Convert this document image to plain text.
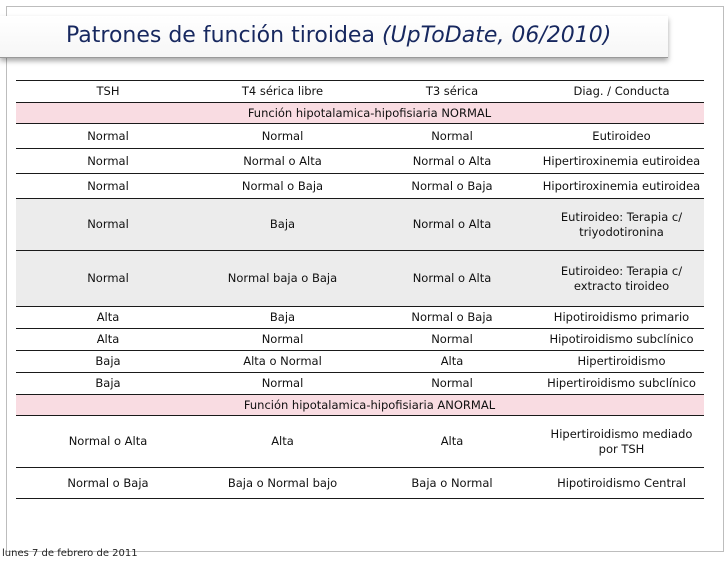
Patrones de función tiroidea (UpToDate, 06/2010)
TSH	T4 sérica libre	T3 sérica	Diag. / Conducta
	Función hipotalamica-hipofisiaria NORMAL		
Normal	Normal	Normal	Eutiroideo
Normal	Normal o Alta	Normal o Alta	Hipertiroxinemia eutiroidea
Normal	Normal o Baja	Normal o Baja	Hiportiroxinemia eutiroidea
Normal	Baja	Normal o Alta	Eutiroideo: Terapia c/ triyodotironina
Normal	Normal baja o Baja	Normal o Alta	Eutiroideo: Terapia c/ extracto tiroideo
Alta	Baja	Normal o Baja	Hipotiroidismo primario
Alta	Normal	Normal	Hipotiroidismo subclínico
Baja	Alta o Normal	Alta	Hipertiroidismo
Baja	Normal	Normal	Hipertiroidismo subclínico
	Función hipotalamica-hipofisiaria ANORMAL		
Normal o Alta	Alta	Alta	Hipertiroidismo mediado por TSH
Normal o Baja	Baja o Normal bajo	Baja o Normal	Hipotiroidismo Central
lunes 7 de febrero de 2011
